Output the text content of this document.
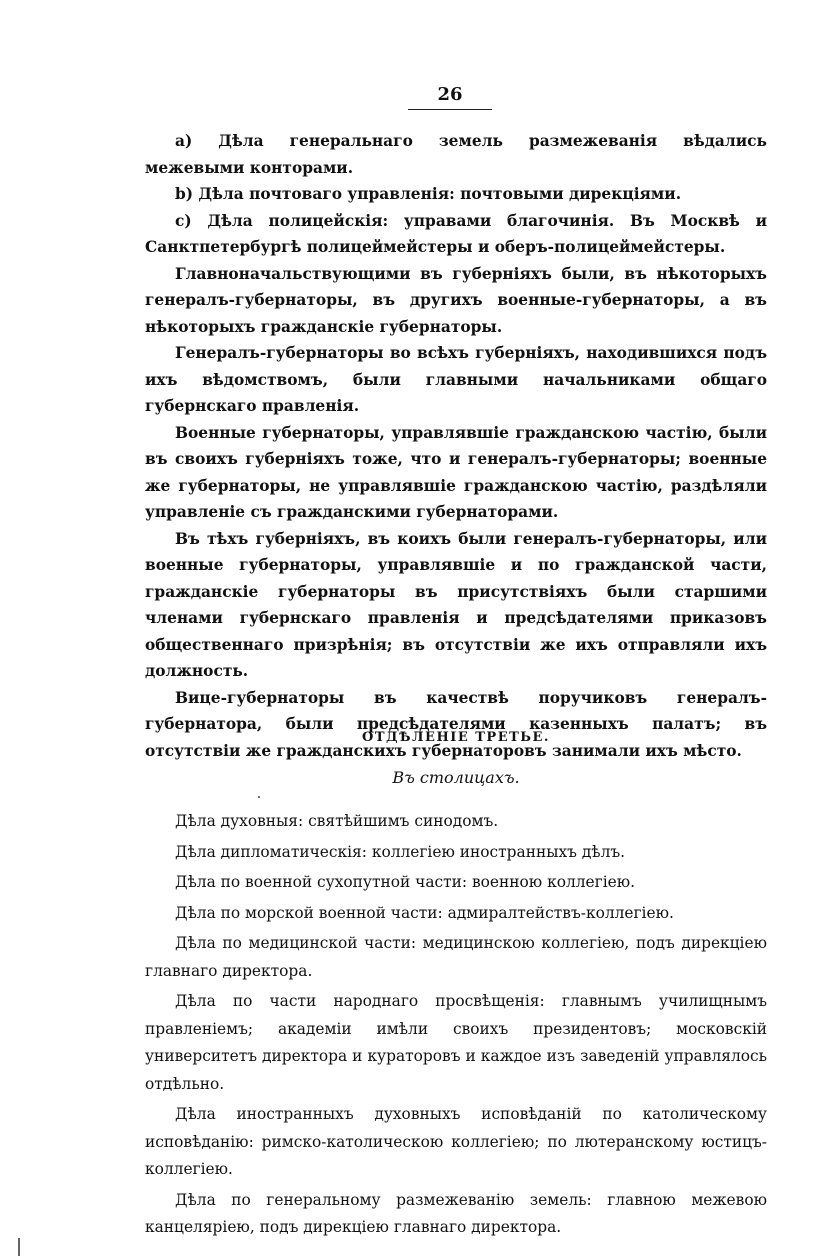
26

a) Дѣла генеральнаго земель размежеванія вѣдались межевыми конторами.

b) Дѣла почтоваго управленія: почтовыми дирекціями.

c) Дѣла полицейскія: управами благочинія. Въ Москвѣ и Санктпетербургѣ полицеймейстеры и оберъ-полицеймейстеры.

Главноначальствующими въ губерніяхъ были, въ нѣкоторыхъ генералъ-губернаторы, въ другихъ военные-губернаторы, а въ нѣкоторыхъ гражданскіе губернаторы.

Генералъ-губернаторы во всѣхъ губерніяхъ, находившихся подъ ихъ вѣдомствомъ, были главными начальниками общаго губернскаго правленія.

Военные губернаторы, управлявшіе гражданскою частію, были въ своихъ губерніяхъ тоже, что и генералъ-губернаторы; военные же губернаторы, не управлявшіе гражданскою частію, раздѣляли управленіе съ гражданскими губернаторами.

Въ тѣхъ губерніяхъ, въ коихъ были генералъ-губернаторы, или военные губернаторы, управлявшіе и по гражданской части, гражданскіе губернаторы въ присутствіяхъ были старшими членами губернскаго правленія и предсѣдателями приказовъ общественнаго призрѣнія; въ отсутствіи же ихъ отправляли ихъ должность.

Вице-губернаторы въ качествѣ поручиковъ генералъ-губернатора, были предсѣдателями казенныхъ палатъ; въ отсутствіи же гражданскихъ губернаторовъ занимали ихъ мѣсто.

ОТДѢЛЕНІЕ ТРЕТЬЕ.
Въ столицахъ.

Дѣла духовныя: святѣйшимъ синодомъ.

Дѣла дипломатическія: коллегіею иностранныхъ дѣлъ.

Дѣла по военной сухопутной части: военною коллегіею.

Дѣла по морской военной части: адмиралтействъ-коллегіею.

Дѣла по медицинской части: медицинскою коллегіею, подъ дирекціею главнаго директора.

Дѣла по части народнаго просвѣщенія: главнымъ училищнымъ правленіемъ; академіи имѣли своихъ президентовъ; московскій университетъ директора и кураторовъ и каждое изъ заведеній управлялось отдѣльно.

Дѣла иностранныхъ духовныхъ исповѣданій по католическому исповѣданію: римско-католическою коллегіею; по лютеранскому юстицъ-коллегіею.

Дѣла по генеральному размежеванію земель: главною межевою канцеляріею, подъ дирекціею главнаго директора.
